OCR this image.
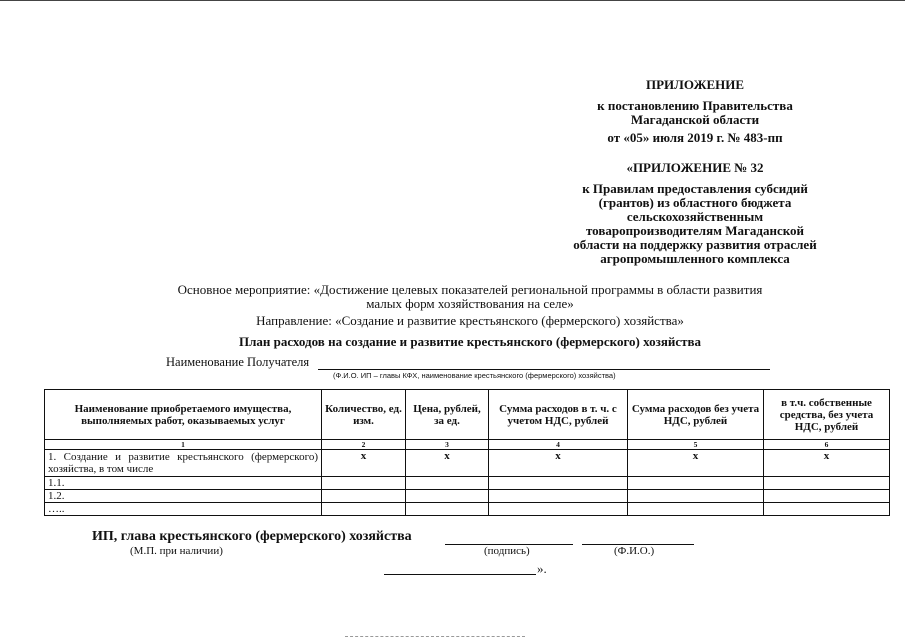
ПРИЛОЖЕНИЕ
к постановлению Правительства
Магаданской области
от «05» июля 2019 г. № 483-пп
«ПРИЛОЖЕНИЕ № 32
к Правилам предоставления субсидий
(грантов) из областного бюджета
сельскохозяйственным
товаропроизводителям Магаданской
области на поддержку развития отраслей
агропромышленного комплекса
Основное мероприятие: «Достижение целевых показателей региональной программы в области развития
малых форм хозяйствования на селе»
Направление: «Создание и развитие крестьянского (фермерского) хозяйства»
План расходов на создание и развитие крестьянского (фермерского) хозяйства
Наименование Получателя
(Ф.И.О. ИП – главы КФХ, наименование крестьянского (фермерского) хозяйства)
Наименование приобретаемого имущества, выполняемых работ, оказываемых услуг	Количество, ед. изм.	Цена, рублей, за ед.	Сумма расходов в т. ч. с учетом НДС, рублей	Сумма расходов без учета НДС, рублей	в т.ч. собственные средства, без учета НДС, рублей
1	2	3	4	5	6
1. Создание и развитие крестьянского (фермерского) хозяйства, в том числе	х	х	х	х	х
1.1.					
1.2.					
…..					
ИП, глава крестьянского (фермерского) хозяйства
(М.П. при наличии)	(подпись)	(Ф.И.О.)
».
